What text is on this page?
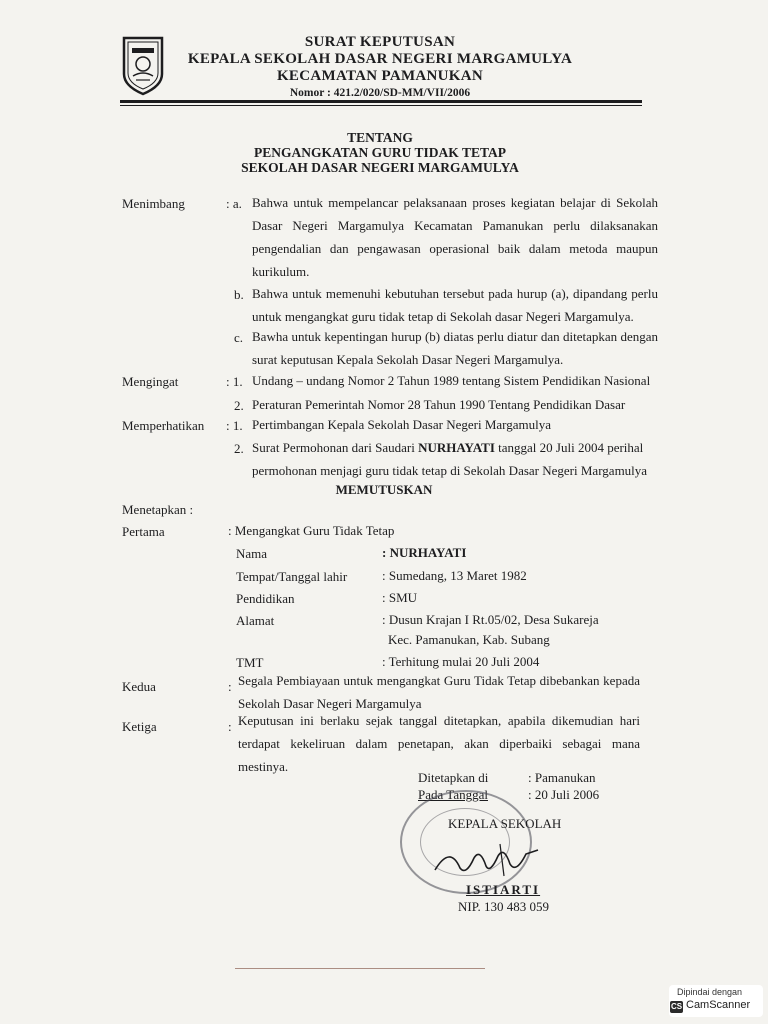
SURAT KEPUTUSAN
KEPALA SEKOLAH DASAR NEGERI MARGAMULYA
KECAMATAN PAMANUKAN
Nomor : 421.2/020/SD-MM/VII/2006
TENTANG
PENGANGKATAN GURU TIDAK TETAP
SEKOLAH DASAR NEGERI MARGAMULYA
Menimbang	: a. Bahwa untuk mempelancar pelaksanaan proses kegiatan belajar di Sekolah Dasar Negeri Margamulya Kecamatan Pamanukan perlu dilaksanakan pengendalian dan pengawasan operasional baik dalam metoda maupun kurikulum.
b. Bahwa untuk memenuhi kebutuhan tersebut pada hurup (a), dipandang perlu untuk mengangkat guru tidak tetap di Sekolah dasar Negeri Margamulya.
c. Bawha untuk kepentingan hurup (b) diatas perlu diatur dan ditetapkan dengan surat keputusan Kepala Sekolah Dasar Negeri Margamulya.
Mengingat	: 1. Undang – undang Nomor 2 Tahun 1989 tentang Sistem Pendidikan Nasional
2. Peraturan Pemerintah Nomor 28 Tahun 1990 Tentang Pendidikan Dasar
Memperhatikan : 1. Pertimbangan Kepala Sekolah Dasar Negeri Margamulya
2. Surat Permohonan dari Saudari NURHAYATI tanggal 20 Juli 2004 perihal
permohonan menjagi guru tidak tetap di Sekolah Dasar Negeri Margamulya
MEMUTUSKAN
Menetapkan :
Pertama	: Mengangkat Guru Tidak Tetap
Nama	: NURHAYATI
Tempat/Tanggal lahir	: Sumedang, 13 Maret 1982
Pendidikan	: SMU
Alamat	: Dusun Krajan I Rt.05/02, Desa Sukareja
Kec. Pamanukan, Kab. Subang
TMT	: Terhitung mulai 20 Juli 2004
Kedua	: Segala Pembiayaan untuk mengangkat Guru Tidak Tetap dibebankan kepada Sekolah Dasar Negeri Margamulya
Ketiga	: Keputusan ini berlaku sejak tanggal ditetapkan, apabila dikemudian hari terdapat kekeliruan dalam penetapan, akan diperbaiki sebagai mana mestinya.
Ditetapkan di	: Pamanukan
Pada Tanggal	: 20 Juli 2006
KEPALA SEKOLAH
ISTIARTI
NIP. 130 483 059
Dipindai dengan
CS CamScanner
